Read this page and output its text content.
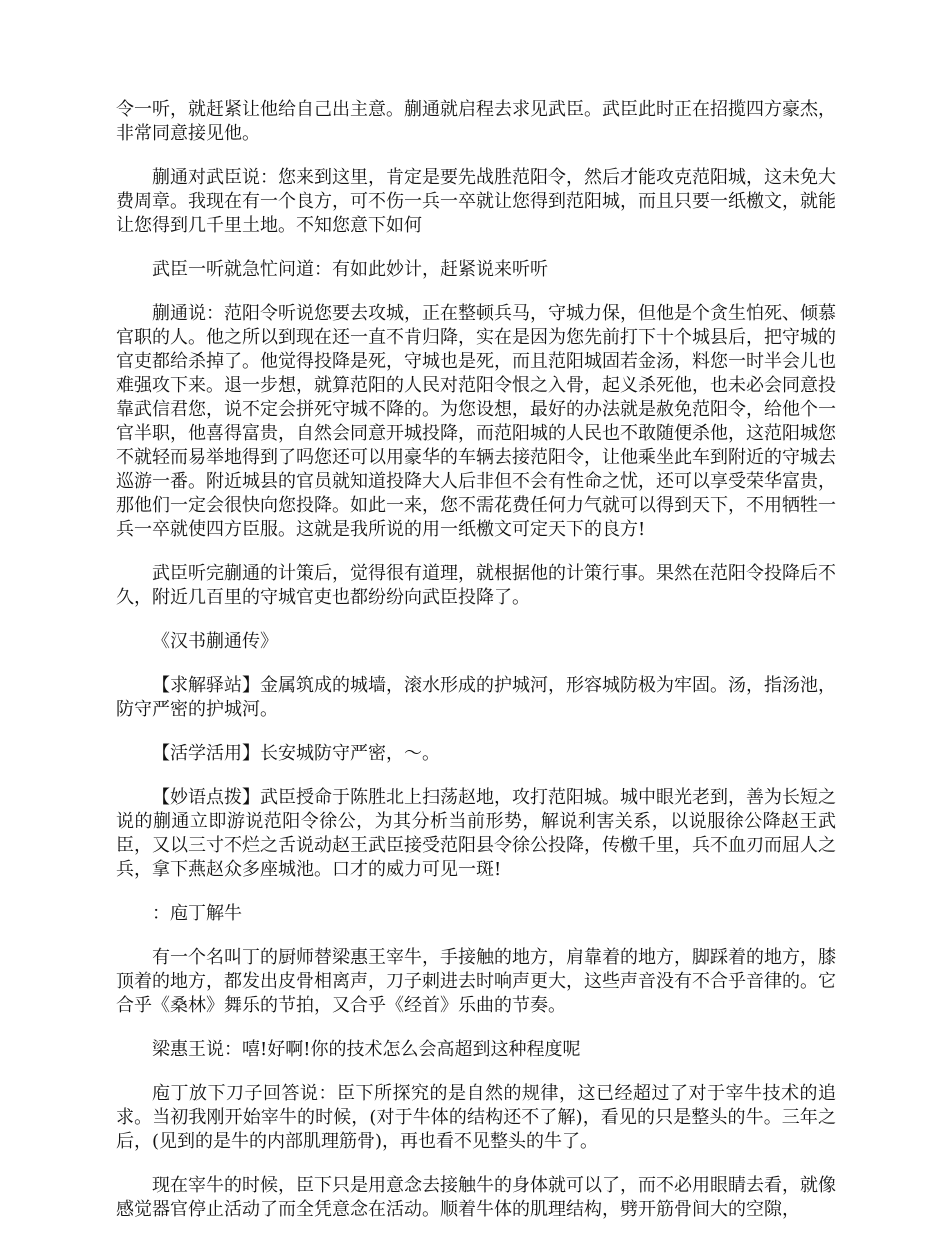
令一听，就赶紧让他给自己出主意。蒯通就启程去求见武臣。武臣此时正在招揽四方豪杰，非常同意接见他。

蒯通对武臣说：您来到这里，肯定是要先战胜范阳令，然后才能攻克范阳城，这未免大费周章。我现在有一个良方，可不伤一兵一卒就让您得到范阳城，而且只要一纸檄文，就能让您得到几千里土地。不知您意下如何

武臣一听就急忙问道：有如此妙计，赶紧说来听听

蒯通说：范阳令听说您要去攻城，正在整顿兵马，守城力保，但他是个贪生怕死、倾慕官职的人。他之所以到现在还一直不肯归降，实在是因为您先前打下十个城县后，把守城的官吏都给杀掉了。他觉得投降是死，守城也是死，而且范阳城固若金汤，料您一时半会儿也难强攻下来。退一步想，就算范阳的人民对范阳令恨之入骨，起义杀死他，也未必会同意投靠武信君您，说不定会拼死守城不降的。为您设想，最好的办法就是赦免范阳令，给他个一官半职，他喜得富贵，自然会同意开城投降，而范阳城的人民也不敢随便杀他，这范阳城您不就轻而易举地得到了吗您还可以用豪华的车辆去接范阳令，让他乘坐此车到附近的守城去巡游一番。附近城县的官员就知道投降大人后非但不会有性命之忧，还可以享受荣华富贵，那他们一定会很快向您投降。如此一来，您不需花费任何力气就可以得到天下，不用牺牲一兵一卒就使四方臣服。这就是我所说的用一纸檄文可定天下的良方!

武臣听完蒯通的计策后，觉得很有道理，就根据他的计策行事。果然在范阳令投降后不久，附近几百里的守城官吏也都纷纷向武臣投降了。

《汉书蒯通传》

【求解驿站】金属筑成的城墙，滚水形成的护城河，形容城防极为牢固。汤，指汤池，防守严密的护城河。

【活学活用】长安城防守严密，～。

【妙语点拨】武臣授命于陈胜北上扫荡赵地，攻打范阳城。城中眼光老到，善为长短之说的蒯通立即游说范阳令徐公，为其分析当前形势，解说利害关系，以说服徐公降赵王武臣，又以三寸不烂之舌说动赵王武臣接受范阳县令徐公投降，传檄千里，兵不血刃而屈人之兵，拿下燕赵众多座城池。口才的威力可见一斑!

：庖丁解牛

有一个名叫丁的厨师替梁惠王宰牛，手接触的地方，肩靠着的地方，脚踩着的地方，膝顶着的地方，都发出皮骨相离声，刀子刺进去时响声更大，这些声音没有不合乎音律的。它合乎《桑林》舞乐的节拍，又合乎《经首》乐曲的节奏。

梁惠王说：嘻!好啊!你的技术怎么会高超到这种程度呢

庖丁放下刀子回答说：臣下所探究的是自然的规律，这已经超过了对于宰牛技术的追求。当初我刚开始宰牛的时候，(对于牛体的结构还不了解)，看见的只是整头的牛。三年之后，(见到的是牛的内部肌理筋骨)，再也看不见整头的牛了。

现在宰牛的时候，臣下只是用意念去接触牛的身体就可以了，而不必用眼睛去看，就像感觉器官停止活动了而全凭意念在活动。顺着牛体的肌理结构，劈开筋骨间大的空隙，
